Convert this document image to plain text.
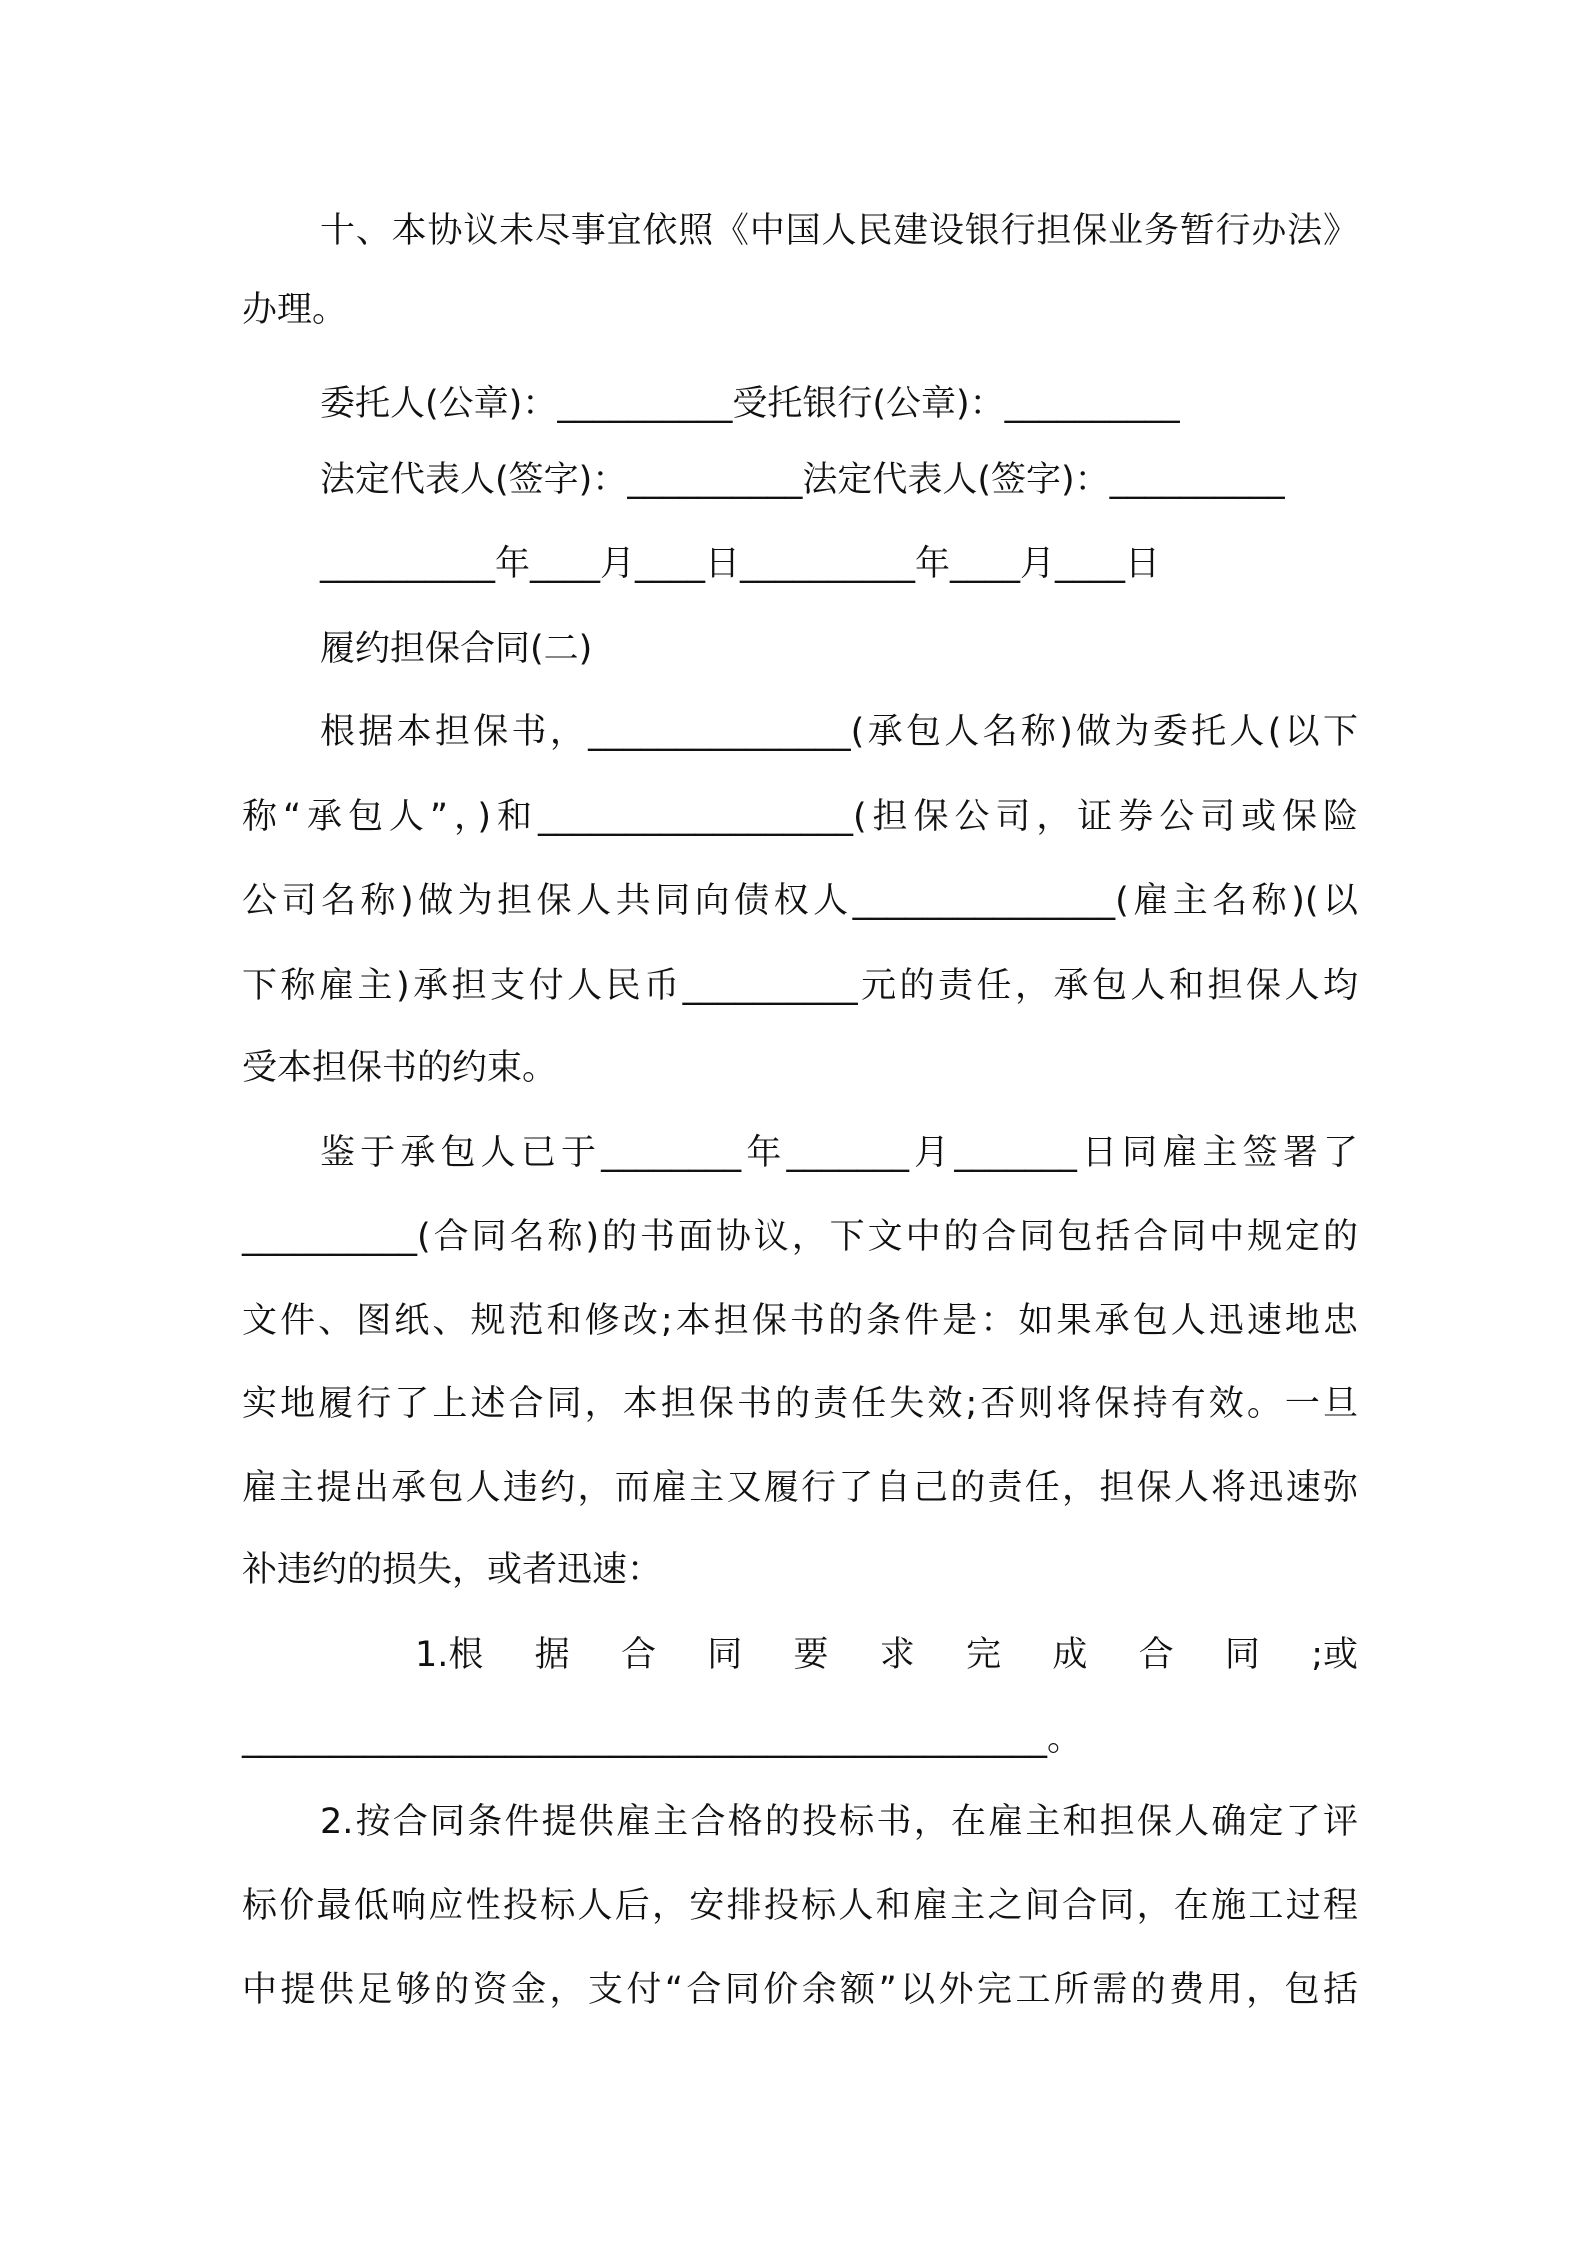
十、本协议未尽事宜依照《中国人民建设银行担保业务暂行办法》
办理。
委托人(公章)：__________受托银行(公章)：__________
法定代表人(签字)：__________法定代表人(签字)：__________
__________年____月____日__________年____月____日
履约担保合同(二)
根据本担保书，_______________(承包人名称)做为委托人(以下
称“承包人”，)和__________________(担保公司，证券公司或保险
公司名称)做为担保人共同向债权人_______________(雇主名称)(以
下称雇主)承担支付人民币__________元的责任，承包人和担保人均
受本担保书的约束。
鉴于承包人已于________年_______月_______日同雇主签署了
__________(合同名称)的书面协议，下文中的合同包括合同中规定的
文件、图纸、规范和修改;本担保书的条件是：如果承包人迅速地忠
实地履行了上述合同，本担保书的责任失效;否则将保持有效。一旦
雇主提出承包人违约，而雇主又履行了自己的责任，担保人将迅速弥
补违约的损失，或者迅速：
1.根 据 合 同 要 求 完 成 合 同 ;或
______________________________________________。
2.按合同条件提供雇主合格的投标书，在雇主和担保人确定了评
标价最低响应性投标人后，安排投标人和雇主之间合同，在施工过程
中提供足够的资金，支付“合同价余额”以外完工所需的费用，包括
